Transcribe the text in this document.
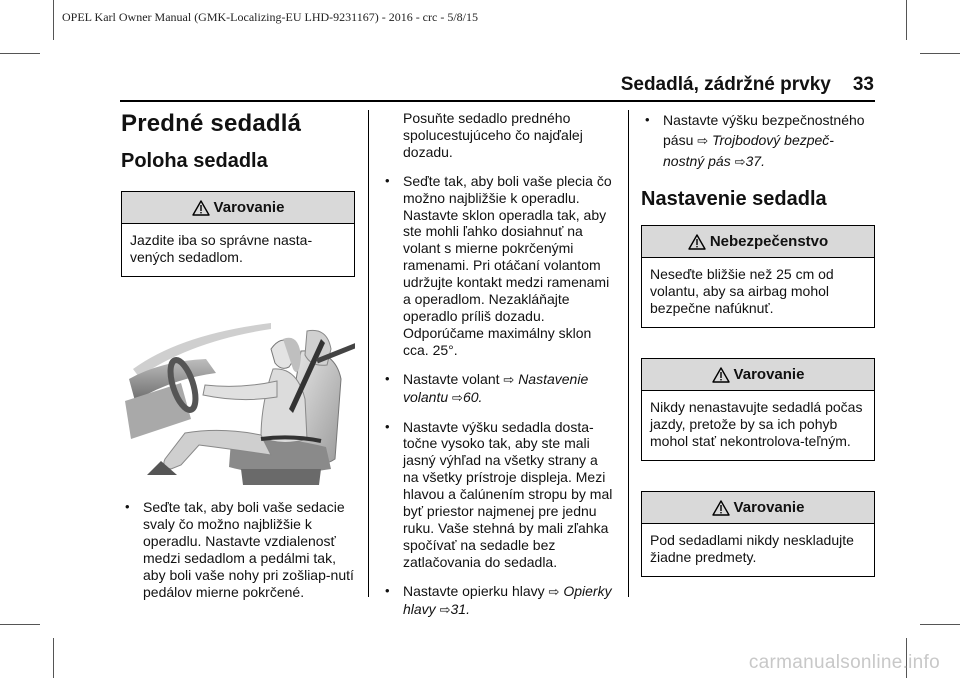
OPEL Karl Owner Manual (GMK-Localizing-EU LHD-9231167) - 2016 - crc - 5/8/15
Sedadlá, zádržné prvky 33
Predné sedadlá
Poloha sedadla
Varovanie
Jazdite iba so správne nasta-vených sedadlom.
• Seďte tak, aby boli vaše sedacie svaly čo možno najbližšie k operadlu. Nastavte vzdialenosť medzi sedadlom a pedálmi tak, aby boli vaše nohy pri zošliap-nutí pedálov mierne pokrčené.
Posuňte sedadlo predného spolucestujúceho čo najďalej dozadu.
• Seďte tak, aby boli vaše plecia čo možno najbližšie k operadlu. Nastavte sklon operadla tak, aby ste mohli ľahko dosiahnuť na volant s mierne pokrčenými ramenami. Pri otáčaní volantom udržujte kontakt medzi ramenami a operadlom. Nezakláňajte operadlo príliš dozadu. Odporúčame maximálny sklon cca. 25°.
• Nastavte volant ⇨ Nastavenie volantu ⇨60.
• Nastavte výšku sedadla dosta-točne vysoko tak, aby ste mali jasný výhľad na všetky strany a na všetky prístroje displeja. Mezi hlavou a čalúnením stropu by mal byť priestor najmenej pre jednu ruku. Vaše stehná by mali zľahka spočívať na sedadle bez zatlačovania do sedadla.
• Nastavte opierku hlavy ⇨ Opierky hlavy ⇨31.
• Nastavte výšku bezpečnostného pásu ⇨ Trojbodový bezpeč-nostný pás ⇨37.
Nastavenie sedadla
Nebezpečenstvo
Neseďte bližšie než 25 cm od volantu, aby sa airbag mohol bezpečne nafúknuť.
Varovanie
Nikdy nenastavujte sedadlá počas jazdy, pretože by sa ich pohyb mohol stať nekontrolova-teľným.
Varovanie
Pod sedadlami nikdy neskladujte žiadne predmety.
carmanualsonline.info
